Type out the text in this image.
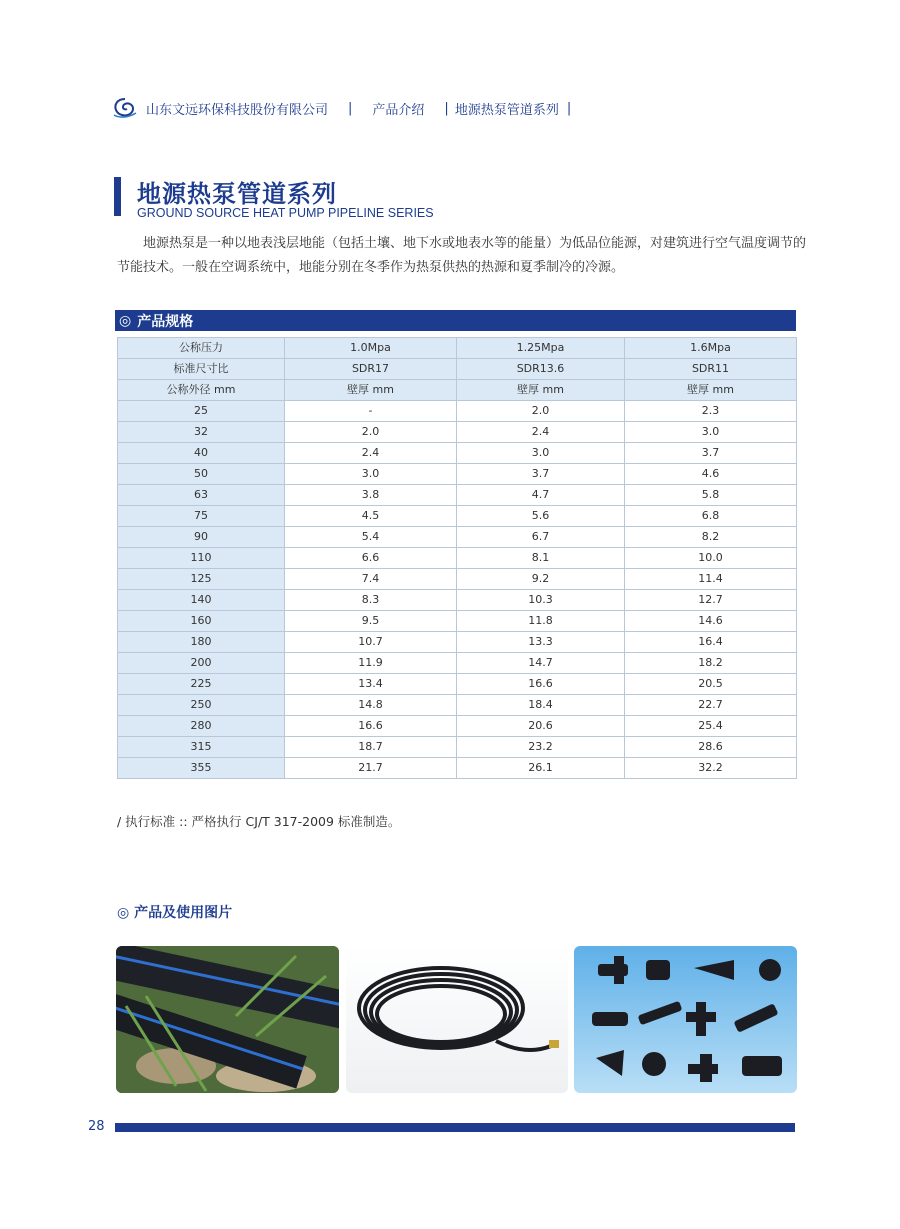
山东文远环保科技股份有限公司 | 产品介绍 | 地源热泵管道系列 |
地源热泵管道系列
GROUND SOURCE HEAT PUMP PIPELINE SERIES
地源热泵是一种以地表浅层地能（包括土壤、地下水或地表水等的能量）为低品位能源，对建筑进行空气温度调节的节能技术。一般在空调系统中，地能分别在冬季作为热泵供热的热源和夏季制冷的冷源。
◎ 产品规格
公称压力	1.0Mpa	1.25Mpa	1.6Mpa
标准尺寸比	SDR17	SDR13.6	SDR11
公称外径 mm	壁厚 mm	壁厚 mm	壁厚 mm
25	-	2.0	2.3
32	2.0	2.4	3.0
40	2.4	3.0	3.7
50	3.0	3.7	4.6
63	3.8	4.7	5.8
75	4.5	5.6	6.8
90	5.4	6.7	8.2
110	6.6	8.1	10.0
125	7.4	9.2	11.4
140	8.3	10.3	12.7
160	9.5	11.8	14.6
180	10.7	13.3	16.4
200	11.9	14.7	18.2
225	13.4	16.6	20.5
250	14.8	18.4	22.7
280	16.6	20.6	25.4
315	18.7	23.2	28.6
355	21.7	26.1	32.2
/ 执行标准 :: 严格执行 CJ/T 317-2009 标准制造。
◎ 产品及使用图片
28
